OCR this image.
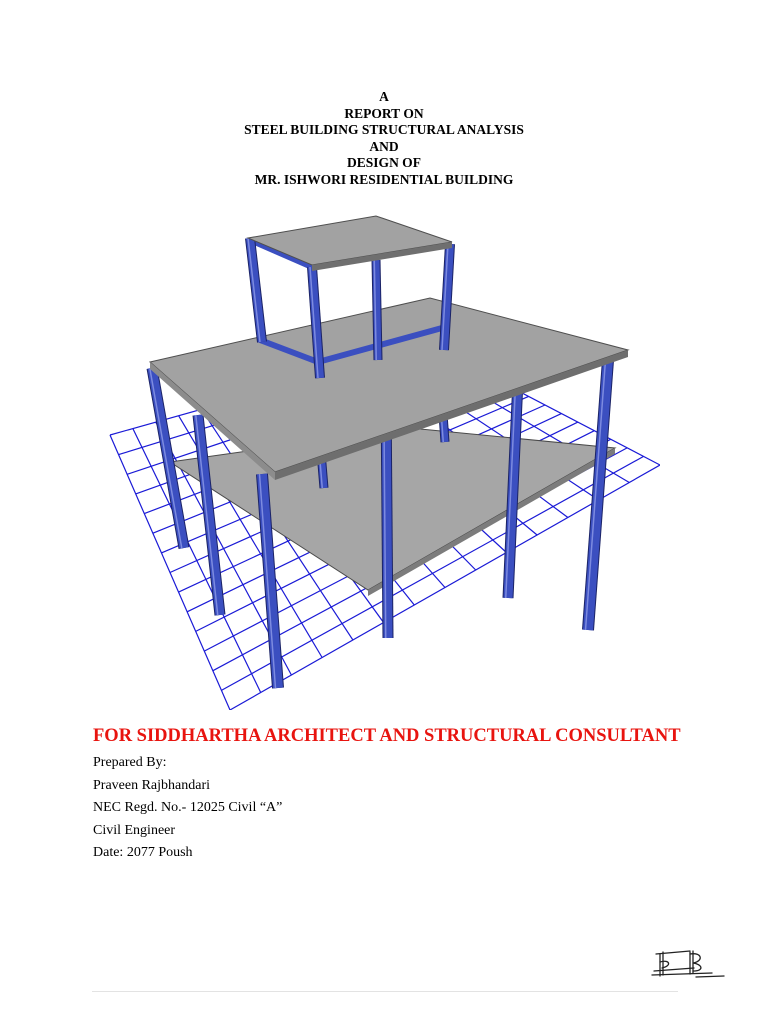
A
REPORT ON
STEEL BUILDING STRUCTURAL ANALYSIS
AND
DESIGN OF
MR. ISHWORI RESIDENTIAL BUILDING
FOR SIDDHARTHA ARCHITECT AND STRUCTURAL CONSULTANT
Prepared By:
Praveen Rajbhandari
NEC Regd. No.- 12025 Civil “A”
Civil Engineer
Date: 2077 Poush
